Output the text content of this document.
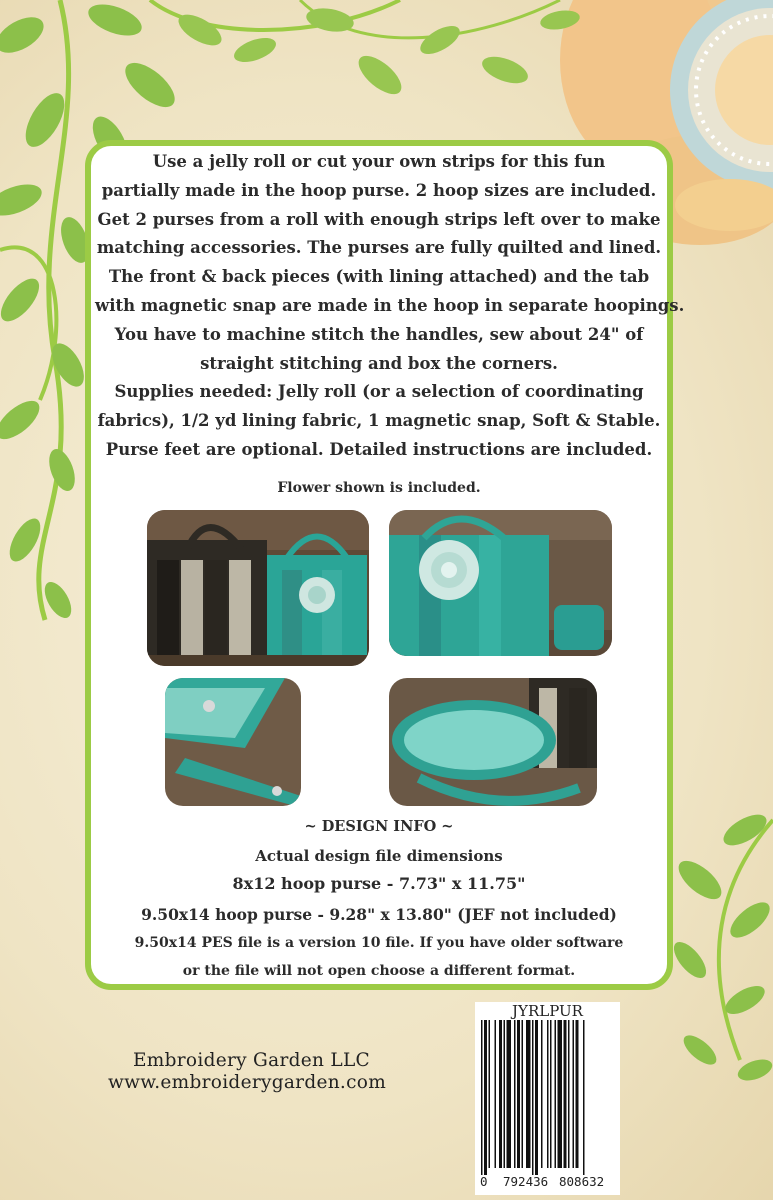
Use a jelly roll or cut your own strips for this fun
partially made in the hoop purse. 2 hoop sizes are included.
Get 2 purses from a roll with enough strips left over to make
matching accessories. The purses are fully quilted and lined.
The front & back pieces (with lining attached) and the tab
with magnetic snap are made in the hoop in separate hoopings.
You have to machine stitch the handles, sew about 24" of
straight stitching and box the corners.
Supplies needed: Jelly roll (or a selection of coordinating
fabrics), 1/2 yd lining fabric, 1 magnetic snap, Soft & Stable.
Purse feet are optional. Detailed instructions are included.

Flower shown is included.
~ DESIGN INFO ~
Actual design file dimensions
8x12 hoop purse - 7.73" x 11.75"
9.50x14 hoop purse - 9.28" x 13.80" (JEF not included)
9.50x14 PES file is a version 10 file. If you have older software
or the file will not open choose a different format.
Embroidery Garden LLC
www.embroiderygarden.com
JYRLPUR
0 792436 808632
